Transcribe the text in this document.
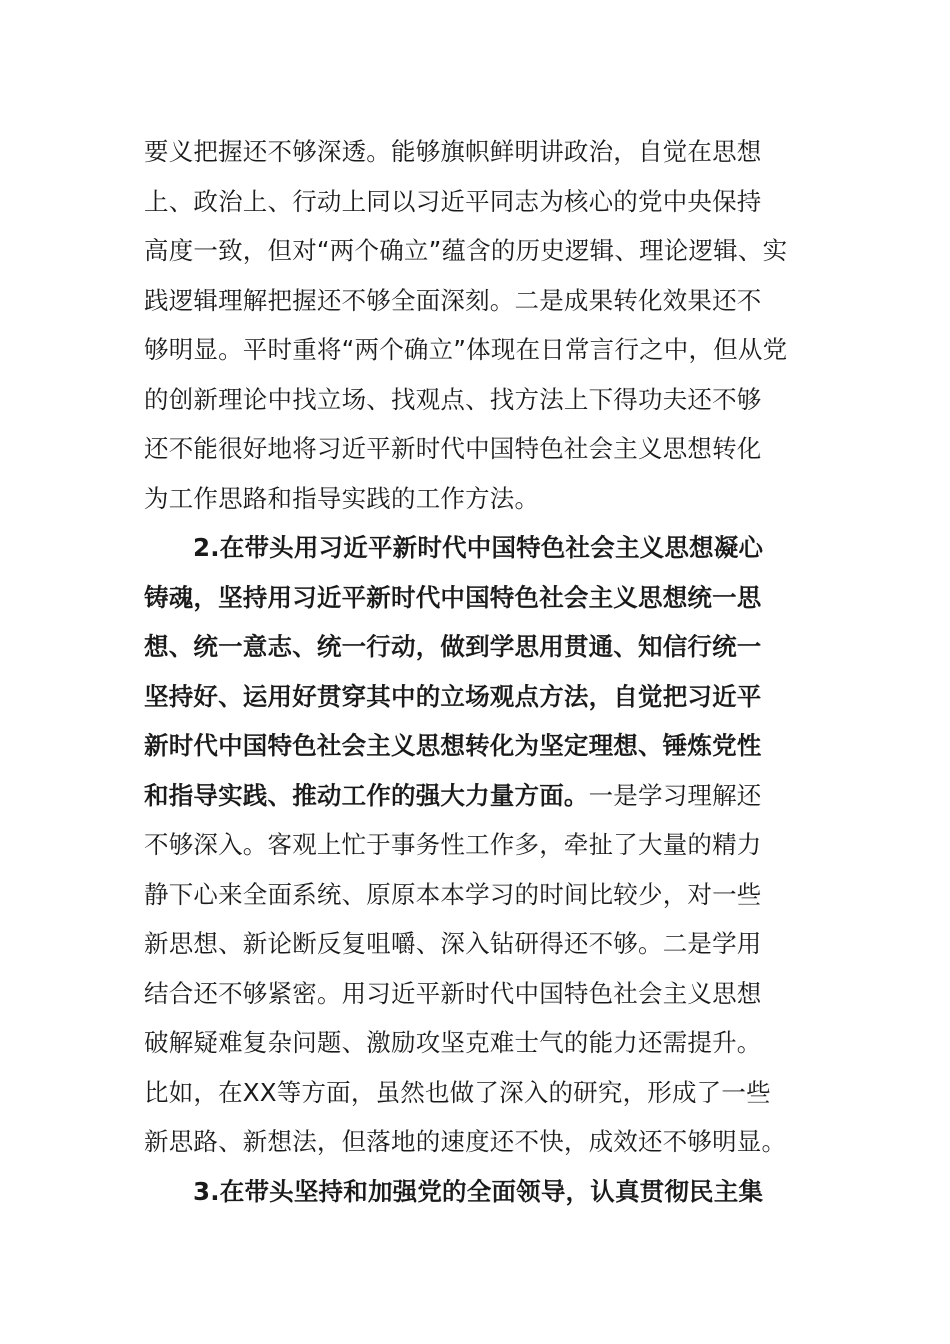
要义把握还不够深透。能够旗帜鲜明讲政治，自觉在思想
上、政治上、行动上同以习近平同志为核心的党中央保持
高度一致，但对“两个确立”蕴含的历史逻辑、理论逻辑、实
践逻辑理解把握还不够全面深刻。二是成果转化效果还不
够明显。平时重将“两个确立”体现在日常言行之中，但从党
的创新理论中找立场、找观点、找方法上下得功夫还不够
还不能很好地将习近平新时代中国特色社会主义思想转化
为工作思路和指导实践的工作方法。
2.在带头用习近平新时代中国特色社会主义思想凝心
铸魂，坚持用习近平新时代中国特色社会主义思想统一思
想、统一意志、统一行动，做到学思用贯通、知信行统一
坚持好、运用好贯穿其中的立场观点方法，自觉把习近平
新时代中国特色社会主义思想转化为坚定理想、锤炼党性
和指导实践、推动工作的强大力量方面。一是学习理解还
不够深入。客观上忙于事务性工作多，牵扯了大量的精力
静下心来全面系统、原原本本学习的时间比较少，对一些
新思想、新论断反复咀嚼、深入钻研得还不够。二是学用
结合还不够紧密。用习近平新时代中国特色社会主义思想
破解疑难复杂问题、激励攻坚克难士气的能力还需提升。
比如，在XX等方面，虽然也做了深入的研究，形成了一些
新思路、新想法，但落地的速度还不快，成效还不够明显。
3.在带头坚持和加强党的全面领导，认真贯彻民主集
